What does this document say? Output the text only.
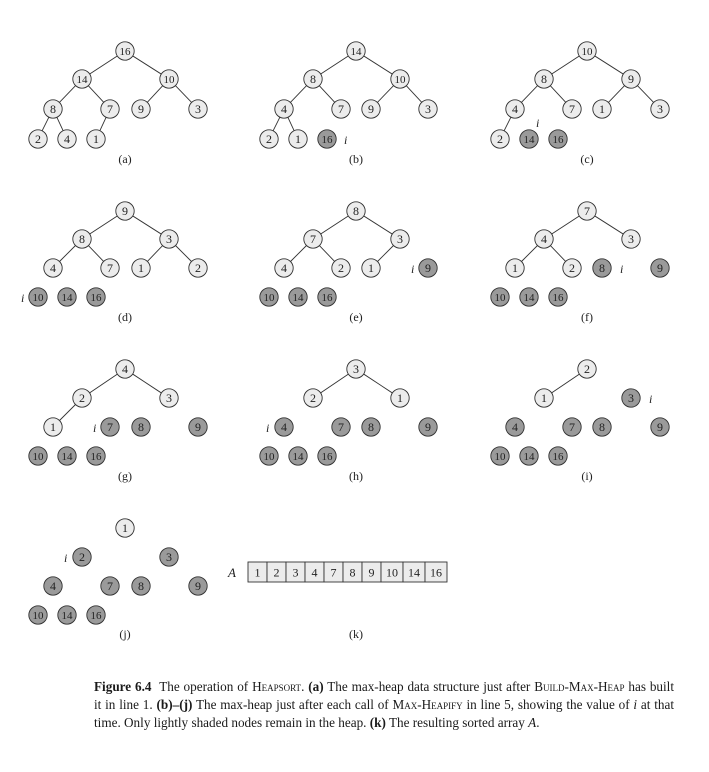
16
14	10
8	7 9	3
2 4 1
(a)
14
8	10
4	7 9	3
2 1 16 i
(b)
10
8	9
4	7 1	3
2 14 16
i
(c)
9
8	3
4	7 1	2
10 14 16
i
(d)
8
7	3
4	2 1	9
10 14 16
i
(e)
7
4	3
1	2 8	9
10 14 16
i
(f)
4
2	3
1	7 8	9
10 14 16
i
(g)
3
2	1
4	7 8	9
10 14 16
i
(h)
2
1	3
4	7 8	9
10 14 16
i
(i)
1
2	3
4	7 8	9
10 14 16
i
(j)
A 1 2 3 4 7 8 9 10 14 16
(k)
Figure 6.4 The operation of Heapsort. (a) The max-heap data structure just after Build-Max-Heap has built it in line 1. (b)–(j) The max-heap just after each call of Max-Heapify in line 5, showing the value of i at that time. Only lightly shaded nodes remain in the heap. (k) The resulting sorted array A.
